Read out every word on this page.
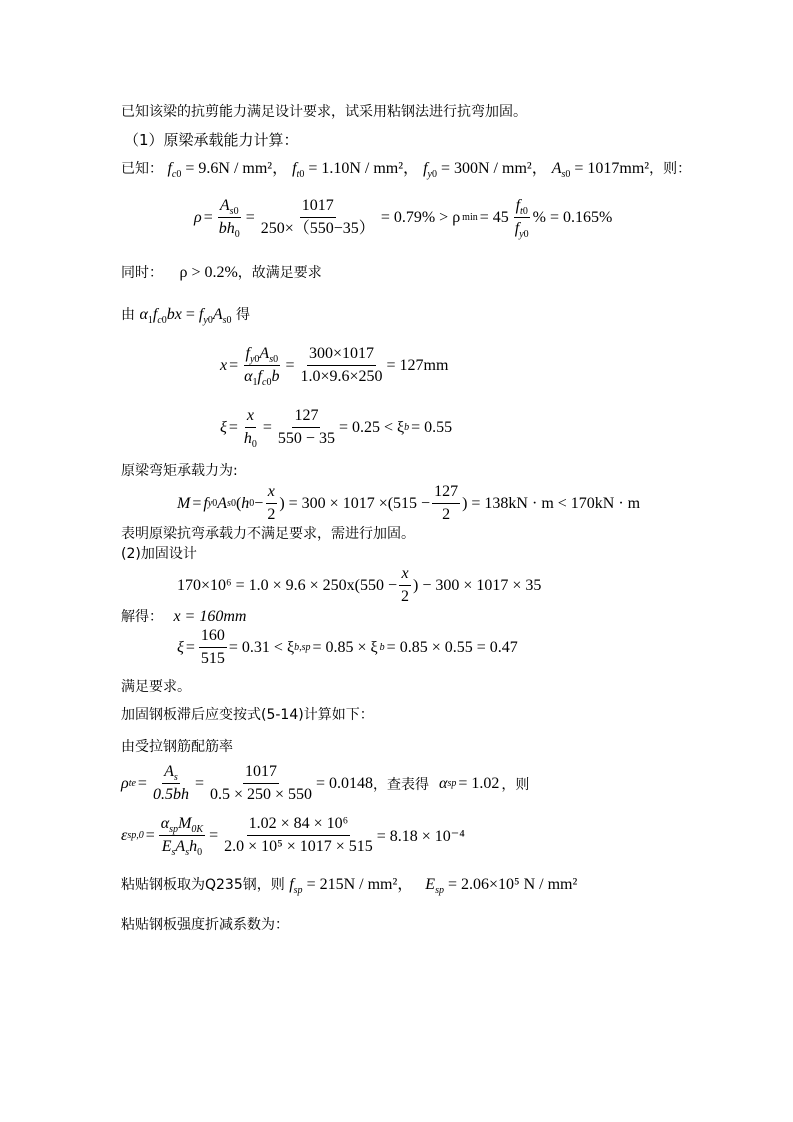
已知该梁的抗剪能力满足设计要求，试采用粘钢法进行抗弯加固。
（1）原梁承载能力计算：
已知： $f_{c0} = 9.6N / mm^2$， $f_{t0} = 1.10N / mm^2$， $f_{y0} = 300N / mm^2$， $A_{s0} = 1017mm^2$，则：
$\rho = \frac{A_{s0}}{bh_0} = \frac{1017}{250\times(550-35)} = 0.79\% > \rho$ $\min = 45 \frac{f_{t0}}{f_{y0}}$ % = 0.165%
同时： ρ > 0.2%，故满足要求
由 $\alpha_1f_{c0}bx = f_{y0}A_{s0}$ 得
$x = \frac{f_{y0}A_{s0}}{\alpha_1f_{c0}b} = \frac{300\times 1017}{1.0\times 9.6\times 250} = 127mm$
$\xi = \frac{x}{h_0} = \frac{127}{550 - 35} = 0.25 < \xi$ b = 0.55
原梁弯矩承载力为:
M = f y 0 A s 0 ( h $0 - \frac{x}{2}$ ) = $300 \times 1017 \times (515 - \frac{127}{2}$ ) = 138kN · m < 170kN · m
表明原梁抗弯承载力不满足要求，需进行加固。
(2)加固设计
$170\times 10^6 = 1.0 \times 9.6 \times 250x(550 - \frac{x}{2}$ ) − 300 × 1017 × 35
解得： x = 160mm
$\xi = \frac{160}{515} = 0.31 < \xi$ b,sp = 0.85 × ξ b = 0.85 × 0.55 = 0.47
满足要求。
加固钢板滞后应变按式(5-14)计算如下：
由受拉钢筋配筋率
ρ te = $\frac{A_s}{0.5bh} = \frac{1017}{0.5 \times 250 \times 550} = 0.0148$ ，查表得 α sp = 1.02 ，则
ε $sp,0 = \frac{\alpha_{sp}M_{0K}}{E_sA_sh_0} = \frac{\text{1.02 × 84 × 10⁶}}{\text{2.0 × 10⁵ × 1017 × 515}} = 8.18 \times 10^{-4}$
粘贴钢板取为Q235钢，则 $f_{sp} = 215N / mm^2$， $E_{sp} = 2.06\times 10^5$ N / mm²
粘贴钢板强度折减系数为：
